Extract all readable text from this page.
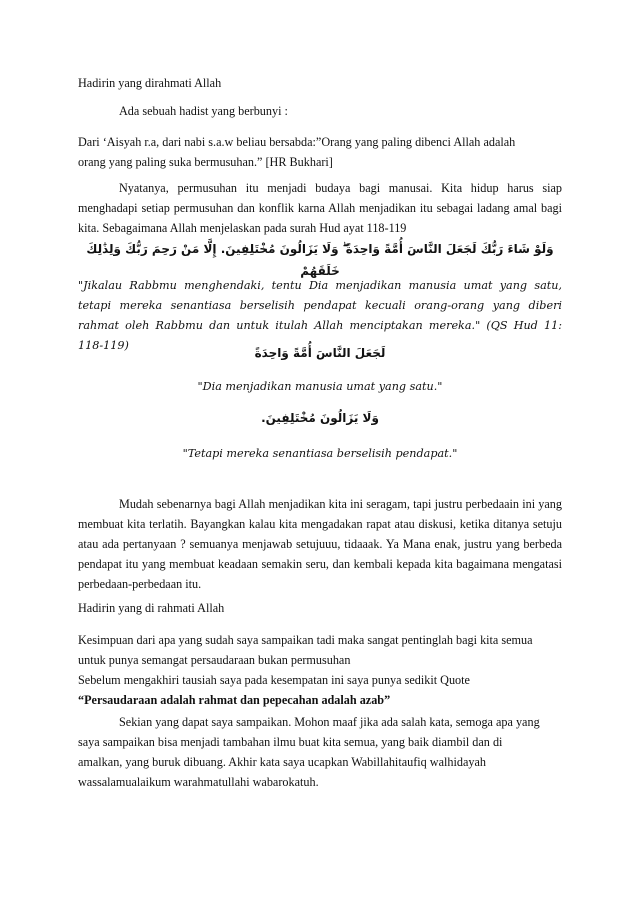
Hadirin yang dirahmati Allah

Ada sebuah hadist yang berbunyi :

Dari ‘Aisyah r.a, dari nabi s.a.w beliau bersabda:”Orang yang paling dibenci Allah adalah
orang yang paling suka bermusuhan.” [HR Bukhari]

Nyatanya, permusuhan itu menjadi budaya bagi manusai. Kita hidup harus siap menghadapi setiap permusuhan dan konflik karna Allah menjadikan itu sebagai ladang amal bagi kita. Sebagaimana Allah menjelaskan pada surah Hud ayat 118-119

وَلَوْ شَاءَ رَبُّكَ لَجَعَلَ النَّاسَ أُمَّةً وَاحِدَةً ۖ وَلَا يَزَالُونَ مُخْتَلِفِينَ. إِلَّا مَنْ رَحِمَ رَبُّكَ وَلِذَٰلِكَ خَلَقَهُمْ

"Jikalau Rabbmu menghendaki, tentu Dia menjadikan manusia umat yang satu, tetapi mereka senantiasa berselisih pendapat kecuali orang-orang yang diberi rahmat oleh Rabbmu dan untuk itulah Allah menciptakan mereka." (QS Hud 11: 118-119)

لَجَعَلَ النَّاسَ أُمَّةً وَاحِدَةً

"Dia menjadikan manusia umat yang satu."

وَلَا يَزَالُونَ مُخْتَلِفِينَ.

"Tetapi mereka senantiasa berselisih pendapat."

Mudah sebenarnya bagi Allah menjadikan kita ini seragam, tapi justru perbedaain ini yang membuat kita terlatih. Bayangkan kalau kita mengadakan rapat atau diskusi, ketika ditanya setuju atau ada pertanyaan ? semuanya menjawab setujuuu, tidaaak. Ya Mana enak, justru yang berbeda pendapat itu yang membuat keadaan semakin seru, dan kembali kepada kita bagaimana mengatasi perbedaan-perbedaan itu.

Hadirin yang di rahmati Allah

Kesimpuan dari apa yang sudah saya sampaikan tadi maka sangat pentinglah bagi kita semua
untuk punya semangat persaudaraan bukan permusuhan
Sebelum mengakhiri tausiah saya pada kesempatan ini saya punya sedikit Quote
“Persaudaraan adalah rahmat dan pepecahan adalah azab”
Sekian yang dapat saya sampaikan. Mohon maaf jika ada salah kata, semoga apa yang
saya sampaikan bisa menjadi tambahan ilmu buat kita semua, yang baik diambil dan di
amalkan, yang buruk dibuang. Akhir kata saya ucapkan Wabillahitaufiq walhidayah
wassalamualaikum warahmatullahi wabarokatuh.
